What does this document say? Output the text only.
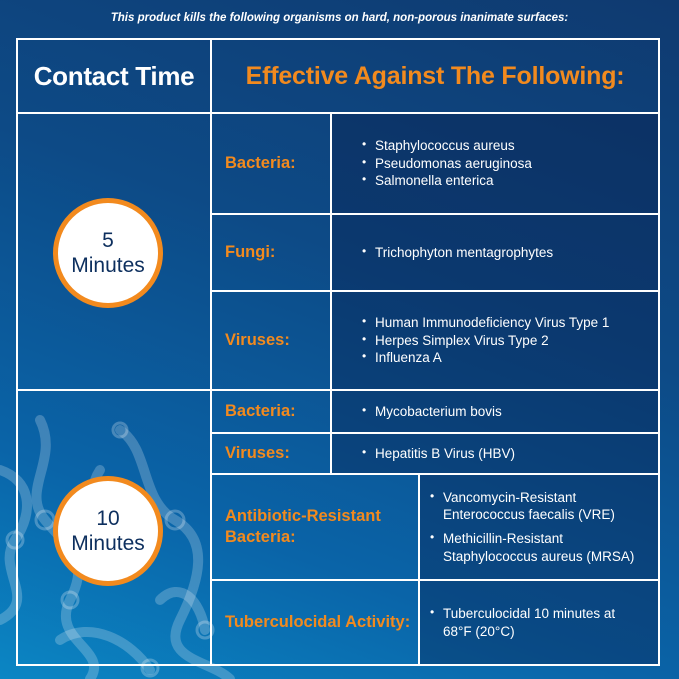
This product kills the following organisms on hard, non-porous inanimate surfaces:
Contact Time	Effective Against The Following:
5
Minutes
Bacteria:
• Staphylococcus aureus
• Pseudomonas aeruginosa
• Salmonella enterica
Fungi:	• Trichophyton mentagrophytes
Viruses:
• Human Immunodeficiency Virus Type 1
• Herpes Simplex Virus Type 2
• Influenza A
10
Minutes
Bacteria:	• Mycobacterium bovis
Viruses:	• Hepatitis B Virus (HBV)
Antibiotic-Resistant Bacteria:
• Vancomycin-Resistant Enterococcus faecalis (VRE)
• Methicillin-Resistant Staphylococcus aureus (MRSA)
Tuberculocidal Activity:	• Tuberculocidal 10 minutes at 68°F (20°C)
